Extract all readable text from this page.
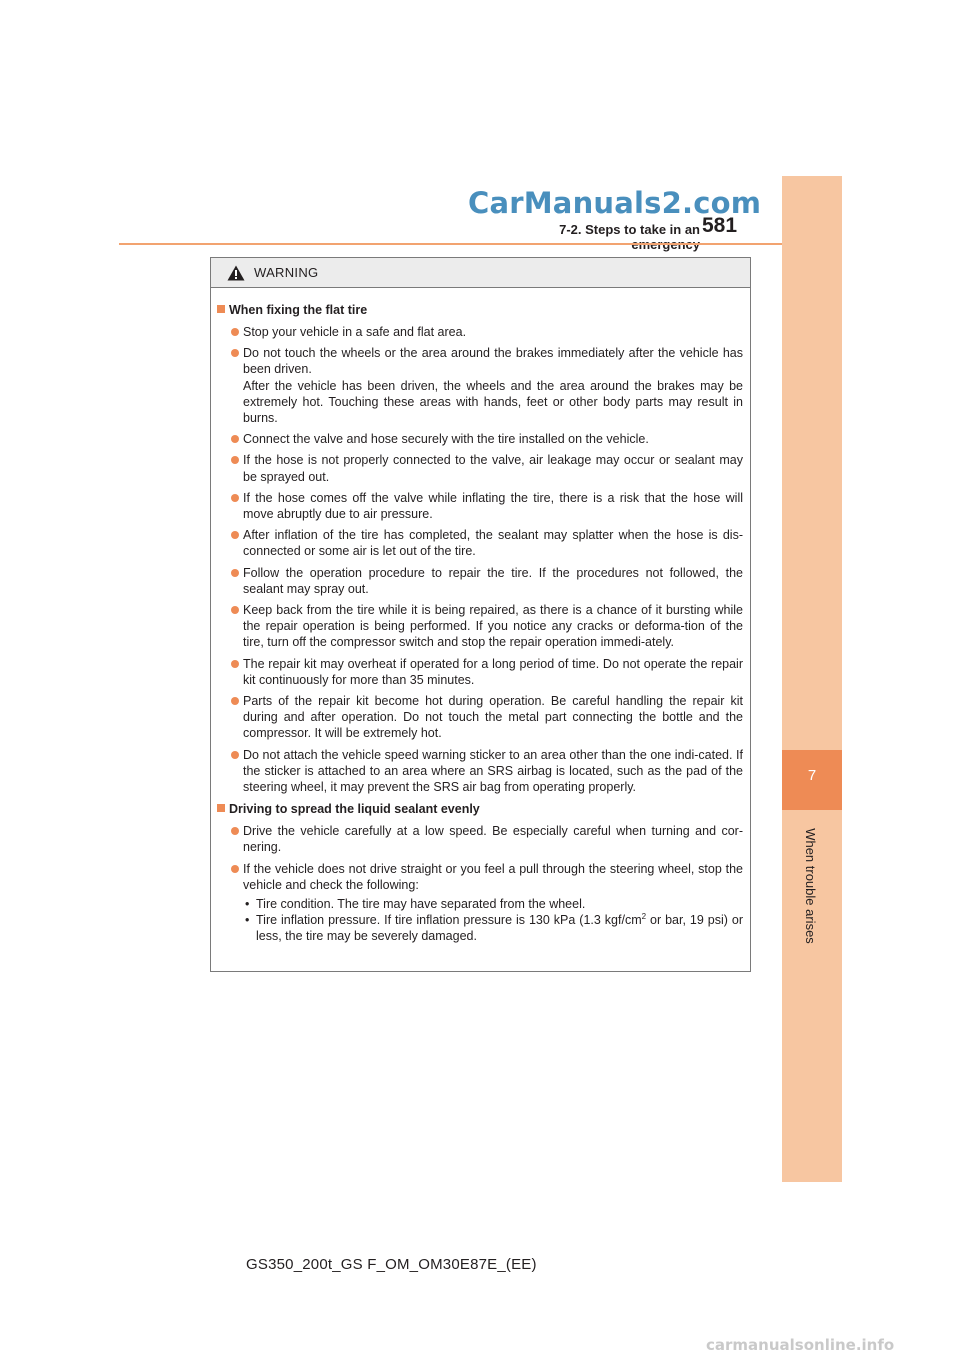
CarManuals2.com
7-2. Steps to take in an 581
7
When trouble arises
WARNING
When fixing the flat tire

Stop your vehicle in a safe and flat area.

Do not touch the wheels or the area around the brakes immediately after the vehicle has been driven.

After the vehicle has been driven, the wheels and the area around the brakes may be extremely hot. Touching these areas with hands, feet or other body parts may result in burns.

Connect the valve and hose securely with the tire installed on the vehicle.

If the hose is not properly connected to the valve, air leakage may occur or sealant may be sprayed out.

If the hose comes off the valve while inflating the tire, there is a risk that the hose will move abruptly due to air pressure.

After inflation of the tire has completed, the sealant may splatter when the hose is dis-connected or some air is let out of the tire.

Follow the operation procedure to repair the tire. If the procedures not followed, the sealant may spray out.

Keep back from the tire while it is being repaired, as there is a chance of it bursting while the repair operation is being performed. If you notice any cracks or deforma-tion of the tire, turn off the compressor switch and stop the repair operation immedi-ately.

The repair kit may overheat if operated for a long period of time. Do not operate the repair kit continuously for more than 35 minutes.

Parts of the repair kit become hot during operation. Be careful handling the repair kit during and after operation. Do not touch the metal part connecting the bottle and the compressor. It will be extremely hot.

Do not attach the vehicle speed warning sticker to an area other than the one indi-cated. If the sticker is attached to an area where an SRS airbag is located, such as the pad of the steering wheel, it may prevent the SRS air bag from operating properly.

Driving to spread the liquid sealant evenly

Drive the vehicle carefully at a low speed. Be especially careful when turning and cor-nering.

If the vehicle does not drive straight or you feel a pull through the steering wheel, stop the vehicle and check the following:

• Tire condition. The tire may have separated from the wheel.
• Tire inflation pressure. If tire inflation pressure is 130 kPa (1.3 kgf/$cm^2$ or bar, 19 psi) or less, the tire may be severely damaged.
GS350_200t_GS F_OM_OM30E87E_(EE)
carmanualsonline.info
